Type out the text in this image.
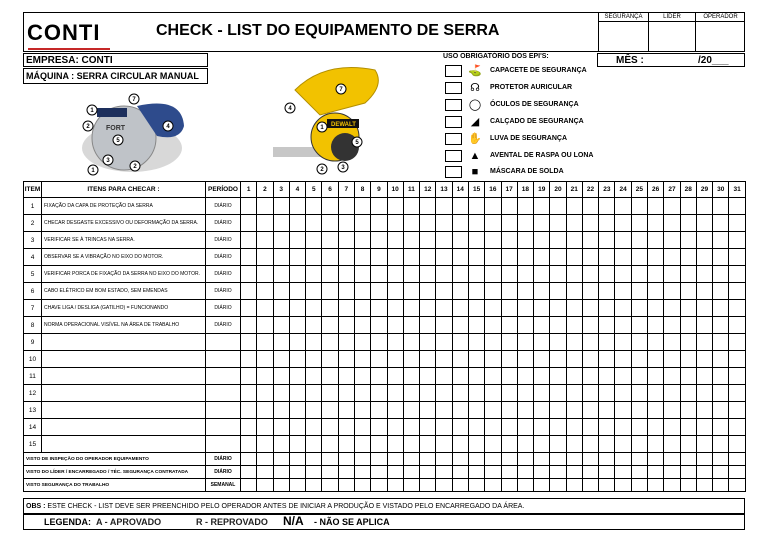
CONTI	CHECK - LIST DO EQUIPAMENTO DE SERRA
SEGURANÇA	LÍDER	OPERADOR
EMPRESA: CONTI
MÁQUINA : SERRA CIRCULAR MANUAL
FORT
1
7
2	4
5
3
2
1
DEWALT
4
7
1
5
2	3
USO OBRIGATÓRIO DOS EPI'S:
⛳ CAPACETE DE SEGURANÇA
☊	PROTETOR AURICULAR
◯ ÓCULOS DE SEGURANÇA
◢	CALÇADO DE SEGURANÇA
✋ LUVA DE SEGURANÇA
▲ AVENTAL DE RASPA OU LONA
■	MÁSCARA DE SOLDA
MÊS :	/20___
ITEM	ITENS PARA CHECAR :	PERÍODO	1	2	3	4	5	6	7	8	9	10	11	12	13	14	15	16	17	18	19	20	21	22	23	24	25	26	27	28	29	30	31
1	FIXAÇÃO DA CAPA DE PROTEÇÃO DA SERRA	DIÁRIO																															
2	CHECAR DESGASTE EXCESSIVO OU DEFORMAÇÃO DA SERRA.	DIÁRIO																															
3	VERIFICAR SE À TRINCAS NA SERRA.	DIÁRIO																															
4	OBSERVAR SE A VIBRAÇÃO NO EIXO DO MOTOR.	DIÁRIO																															
5	VERIFICAR PORCA DE FIXAÇÃO DA SERRA NO EIXO DO MOTOR.	DIÁRIO																															
6	CABO ELÉTRICO EM BOM ESTADO, SEM EMENDAS	DIÁRIO																															
7	CHAVE LIGA / DESLIGA (GATILHO) = FUNCIONANDO	DIÁRIO																															
8	NORMA OPERACIONAL VISÍVEL NA ÁREA DE TRABALHO	DIÁRIO																															
9																																	
10																																	
11																																	
12																																	
13																																	
14																																	
15																																	
VISTO DE INSPEÇÃO DO OPERADOR EQUIPAMENTO		DIÁRIO																															
VISTO DO LÍDER / ENCARREGADO / TÉC. SEGURANÇA CONTRATADA		DIÁRIO																															
VISTO SEGURANÇA DO TRABALHO		SEMANAL																															
OBS : ESTE CHECK - LIST DEVE SER PREENCHIDO PELO OPERADOR ANTES DE INICIAR A PRODUÇÃO E VISTADO PELO ENCARREGADO DA ÁREA.
LEGENDA: A - APROVADO	R - REPROVADO N/A - NÃO SE APLICA
